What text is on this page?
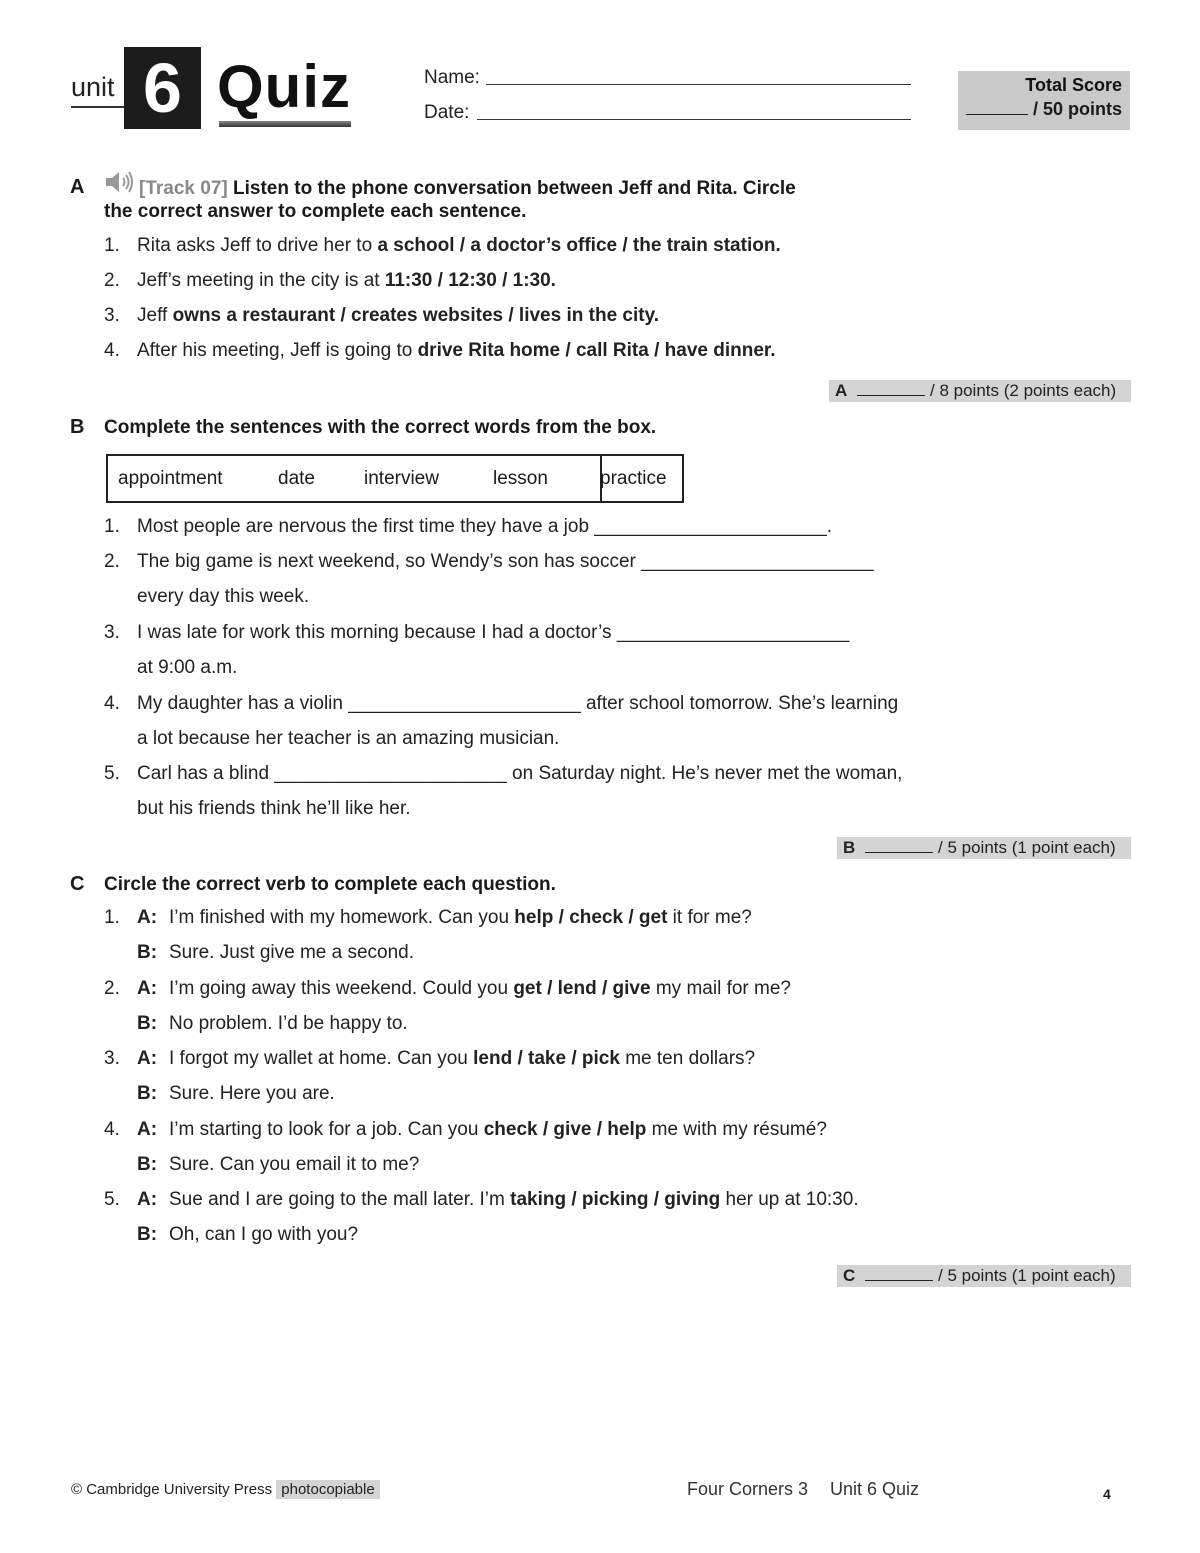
unit 6 Quiz	Name:
Date:
Total Score
/ 50 points
A	[Track 07] Listen to the phone conversation between Jeff and Rita. Circle
the correct answer to complete each sentence.
1. Rita asks Jeff to drive her to a school / a doctor’s office / the train station.
2. Jeff’s meeting in the city is at 11:30 / 12:30 / 1:30.
3. Jeff owns a restaurant / creates websites / lives in the city.
4. After his meeting, Jeff is going to drive Rita home / call Rita / have dinner.
A	/ 8 points (2 points each)
B Complete the sentences with the correct words from the box.
appointment	date	interview	lesson	practice
1. Most people are nervous the first time they have a job ______________________.
2. The big game is next weekend, so Wendy’s son has soccer ______________________
every day this week.
3. I was late for work this morning because I had a doctor’s ______________________
at 9:00 a.m.
4. My daughter has a violin ______________________ after school tomorrow. She’s learning
a lot because her teacher is an amazing musician.
5. Carl has a blind ______________________ on Saturday night. He’s never met the woman,
but his friends think he’ll like her.
B	/ 5 points (1 point each)
C Circle the correct verb to complete each question.
1. A: I’m finished with my homework. Can you help / check / get it for me?
B: Sure. Just give me a second.
2. A: I’m going away this weekend. Could you get / lend / give my mail for me?
B: No problem. I’d be happy to.
3. A: I forgot my wallet at home. Can you lend / take / pick me ten dollars?
B: Sure. Here you are.
4. A: I’m starting to look for a job. Can you check / give / help me with my résumé?
B: Sure. Can you email it to me?
5. A: Sue and I are going to the mall later. I’m taking / picking / giving her up at 10:30.
B: Oh, can I go with you?
C	/ 5 points (1 point each)
© Cambridge University Press photocopiable	Four Corners 3 Unit 6 Quiz	4
